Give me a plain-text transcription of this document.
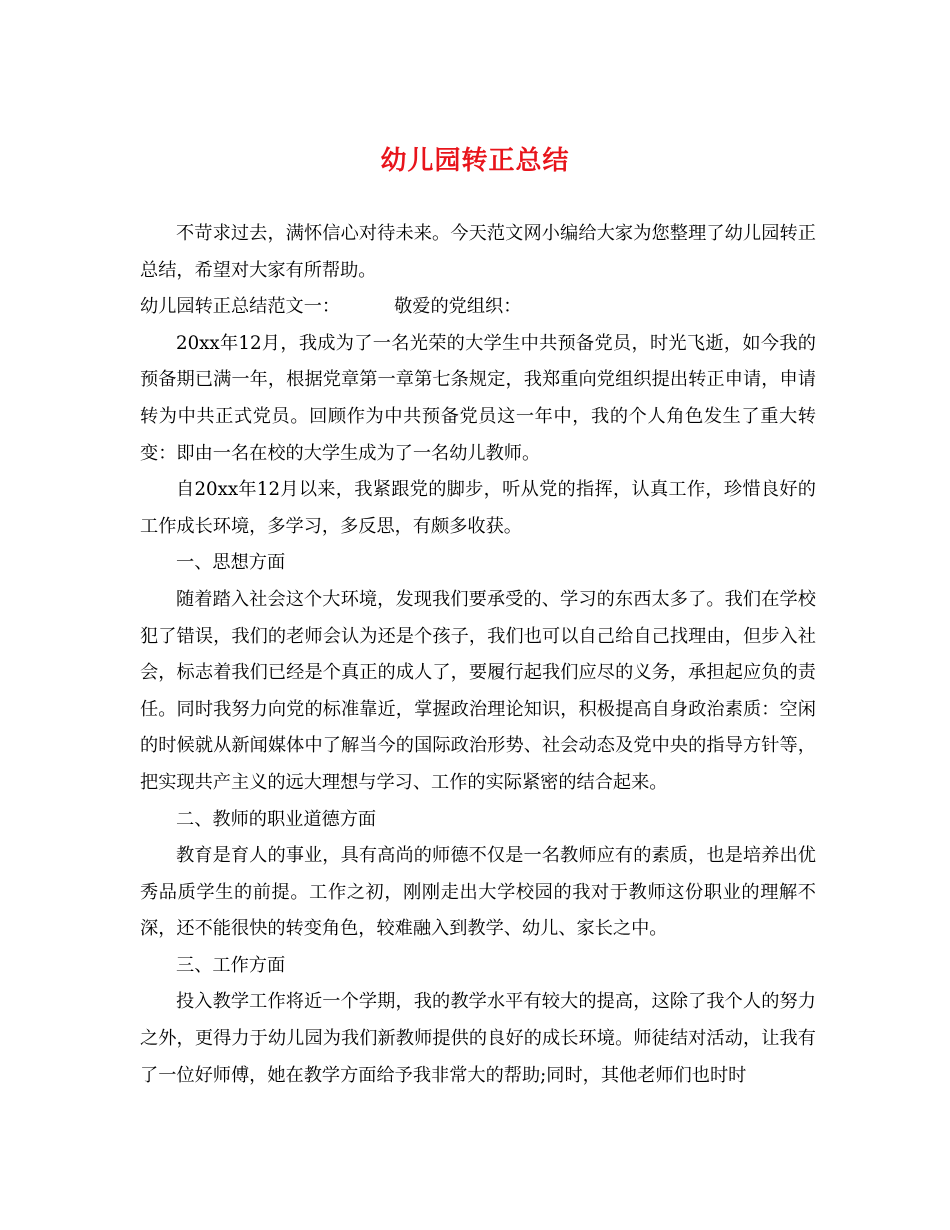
幼儿园转正总结

不苛求过去，满怀信心对待未来。今天范文网小编给大家为您整理了幼儿园转正总结，希望对大家有所帮助。

幼儿园转正总结范文一：	敬爱的党组织：

20xx年12月，我成为了一名光荣的大学生中共预备党员，时光飞逝，如今我的预备期已满一年，根据党章第一章第七条规定，我郑重向党组织提出转正申请，申请转为中共正式党员。回顾作为中共预备党员这一年中，我的个人角色发生了重大转变：即由一名在校的大学生成为了一名幼儿教师。

自20xx年12月以来，我紧跟党的脚步，听从党的指挥，认真工作，珍惜良好的工作成长环境，多学习，多反思，有颇多收获。

一、思想方面

随着踏入社会这个大环境，发现我们要承受的、学习的东西太多了。我们在学校犯了错误，我们的老师会认为还是个孩子，我们也可以自己给自己找理由，但步入社会，标志着我们已经是个真正的成人了，要履行起我们应尽的义务，承担起应负的责任。同时我努力向党的标准靠近，掌握政治理论知识，积极提高自身政治素质：空闲的时候就从新闻媒体中了解当今的国际政治形势、社会动态及党中央的指导方针等，把实现共产主义的远大理想与学习、工作的实际紧密的结合起来。

二、教师的职业道德方面

教育是育人的事业，具有高尚的师德不仅是一名教师应有的素质，也是培养出优秀品质学生的前提。工作之初，刚刚走出大学校园的我对于教师这份职业的理解不深，还不能很快的转变角色，较难融入到教学、幼儿、家长之中。

三、工作方面

投入教学工作将近一个学期，我的教学水平有较大的提高，这除了我个人的努力之外，更得力于幼儿园为我们新教师提供的良好的成长环境。师徒结对活动，让我有了一位好师傅，她在教学方面给予我非常大的帮助;同时，其他老师们也时时
